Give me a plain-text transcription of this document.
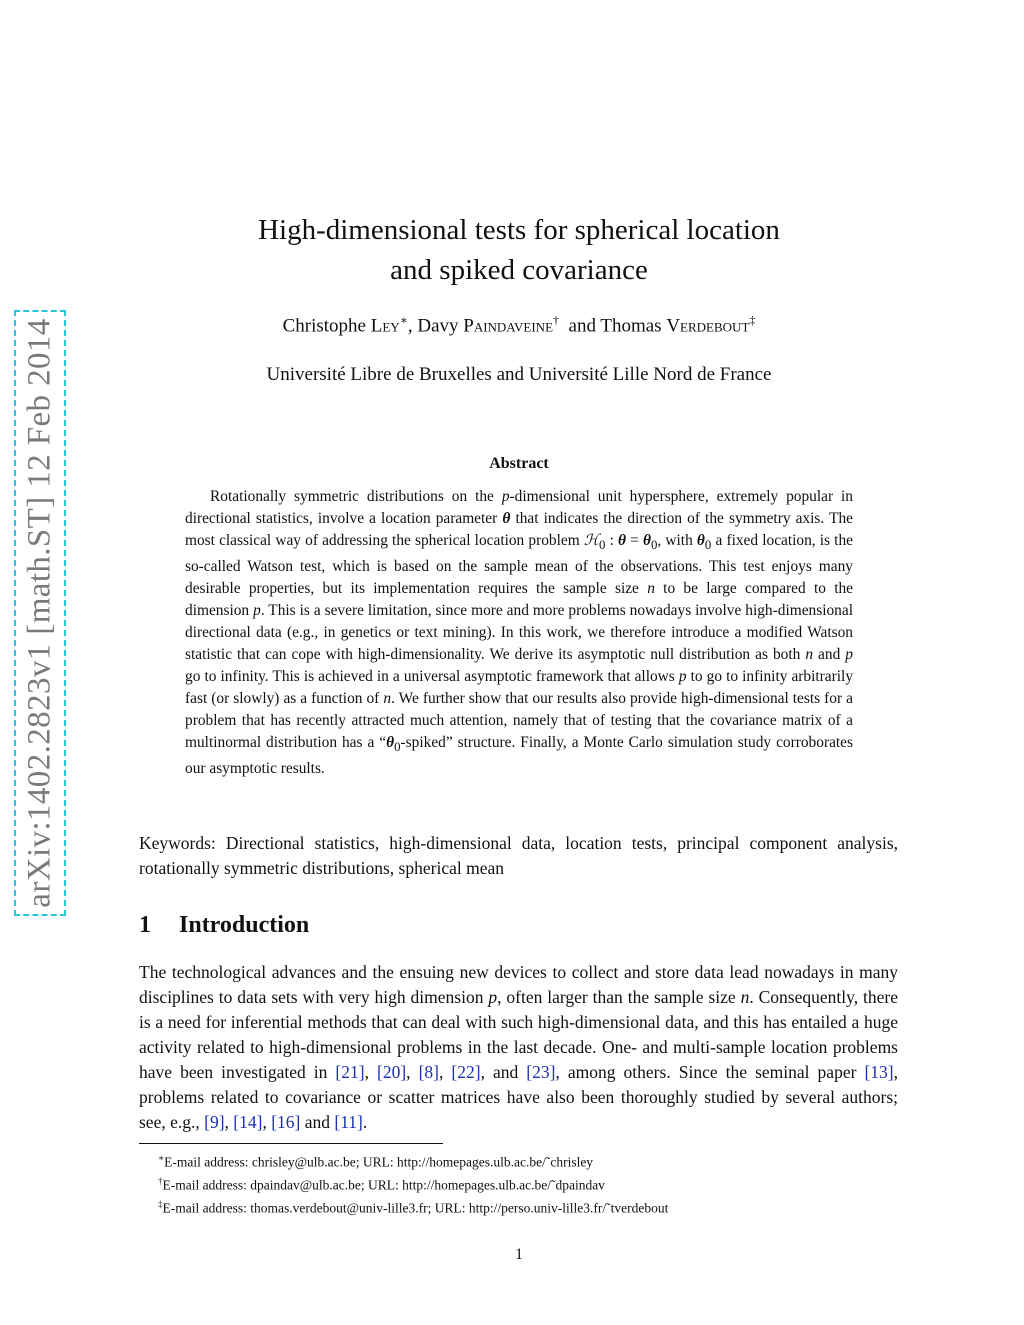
arXiv:1402.2823v1 [math.ST] 12 Feb 2014
High-dimensional tests for spherical location
and spiked covariance
Christophe Ley∗, Davy Paindaveine†  and Thomas Verdebout‡
Université Libre de Bruxelles and Université Lille Nord de France
Abstract
Rotationally symmetric distributions on the p-dimensional unit hypersphere, extremely popular in directional statistics, involve a location parameter θ that indicates the direction of the symmetry axis. The most classical way of addressing the spherical location problem ℋ$_0$ : $\theta = \theta_0$, with $\theta_0$ a fixed location, is the so-called Watson test, which is based on the sample mean of the observations. This test enjoys many desirable properties, but its implementation requires the sample size n to be large compared to the dimension p. This is a severe limitation, since more and more problems nowadays involve high-dimensional directional data (e.g., in genetics or text mining). In this work, we therefore introduce a modified Watson statistic that can cope with high-dimensionality. We derive its asymptotic null distribution as both n and p go to infinity. This is achieved in a universal asymptotic framework that allows p to go to infinity arbitrarily fast (or slowly) as a function of n. We further show that our results also provide high-dimensional tests for a problem that has recently attracted much attention, namely that of testing that the covariance matrix of a multinormal distribution has a “$\theta_0$-spiked” structure. Finally, a Monte Carlo simulation study corroborates our asymptotic results.
Keywords: Directional statistics, high-dimensional data, location tests, principal component analysis, rotationally symmetric distributions, spherical mean
1 Introduction
The technological advances and the ensuing new devices to collect and store data lead nowadays in many disciplines to data sets with very high dimension p, often larger than the sample size n. Consequently, there is a need for inferential methods that can deal with such high-dimensional data, and this has entailed a huge activity related to high-dimensional problems in the last decade. One- and multi-sample location problems have been investigated in [21], [20], [8], [22], and [23], among others. Since the seminal paper [13], problems related to covariance or scatter matrices have also been thoroughly studied by several authors; see, e.g., [9], [14], [16] and [11].
∗E-mail address: chrisley@ulb.ac.be; URL: http://homepages.ulb.ac.be/˜chrisley
†E-mail address: dpaindav@ulb.ac.be; URL: http://homepages.ulb.ac.be/˜dpaindav
‡E-mail address: thomas.verdebout@univ-lille3.fr; URL: http://perso.univ-lille3.fr/˜tverdebout
1
